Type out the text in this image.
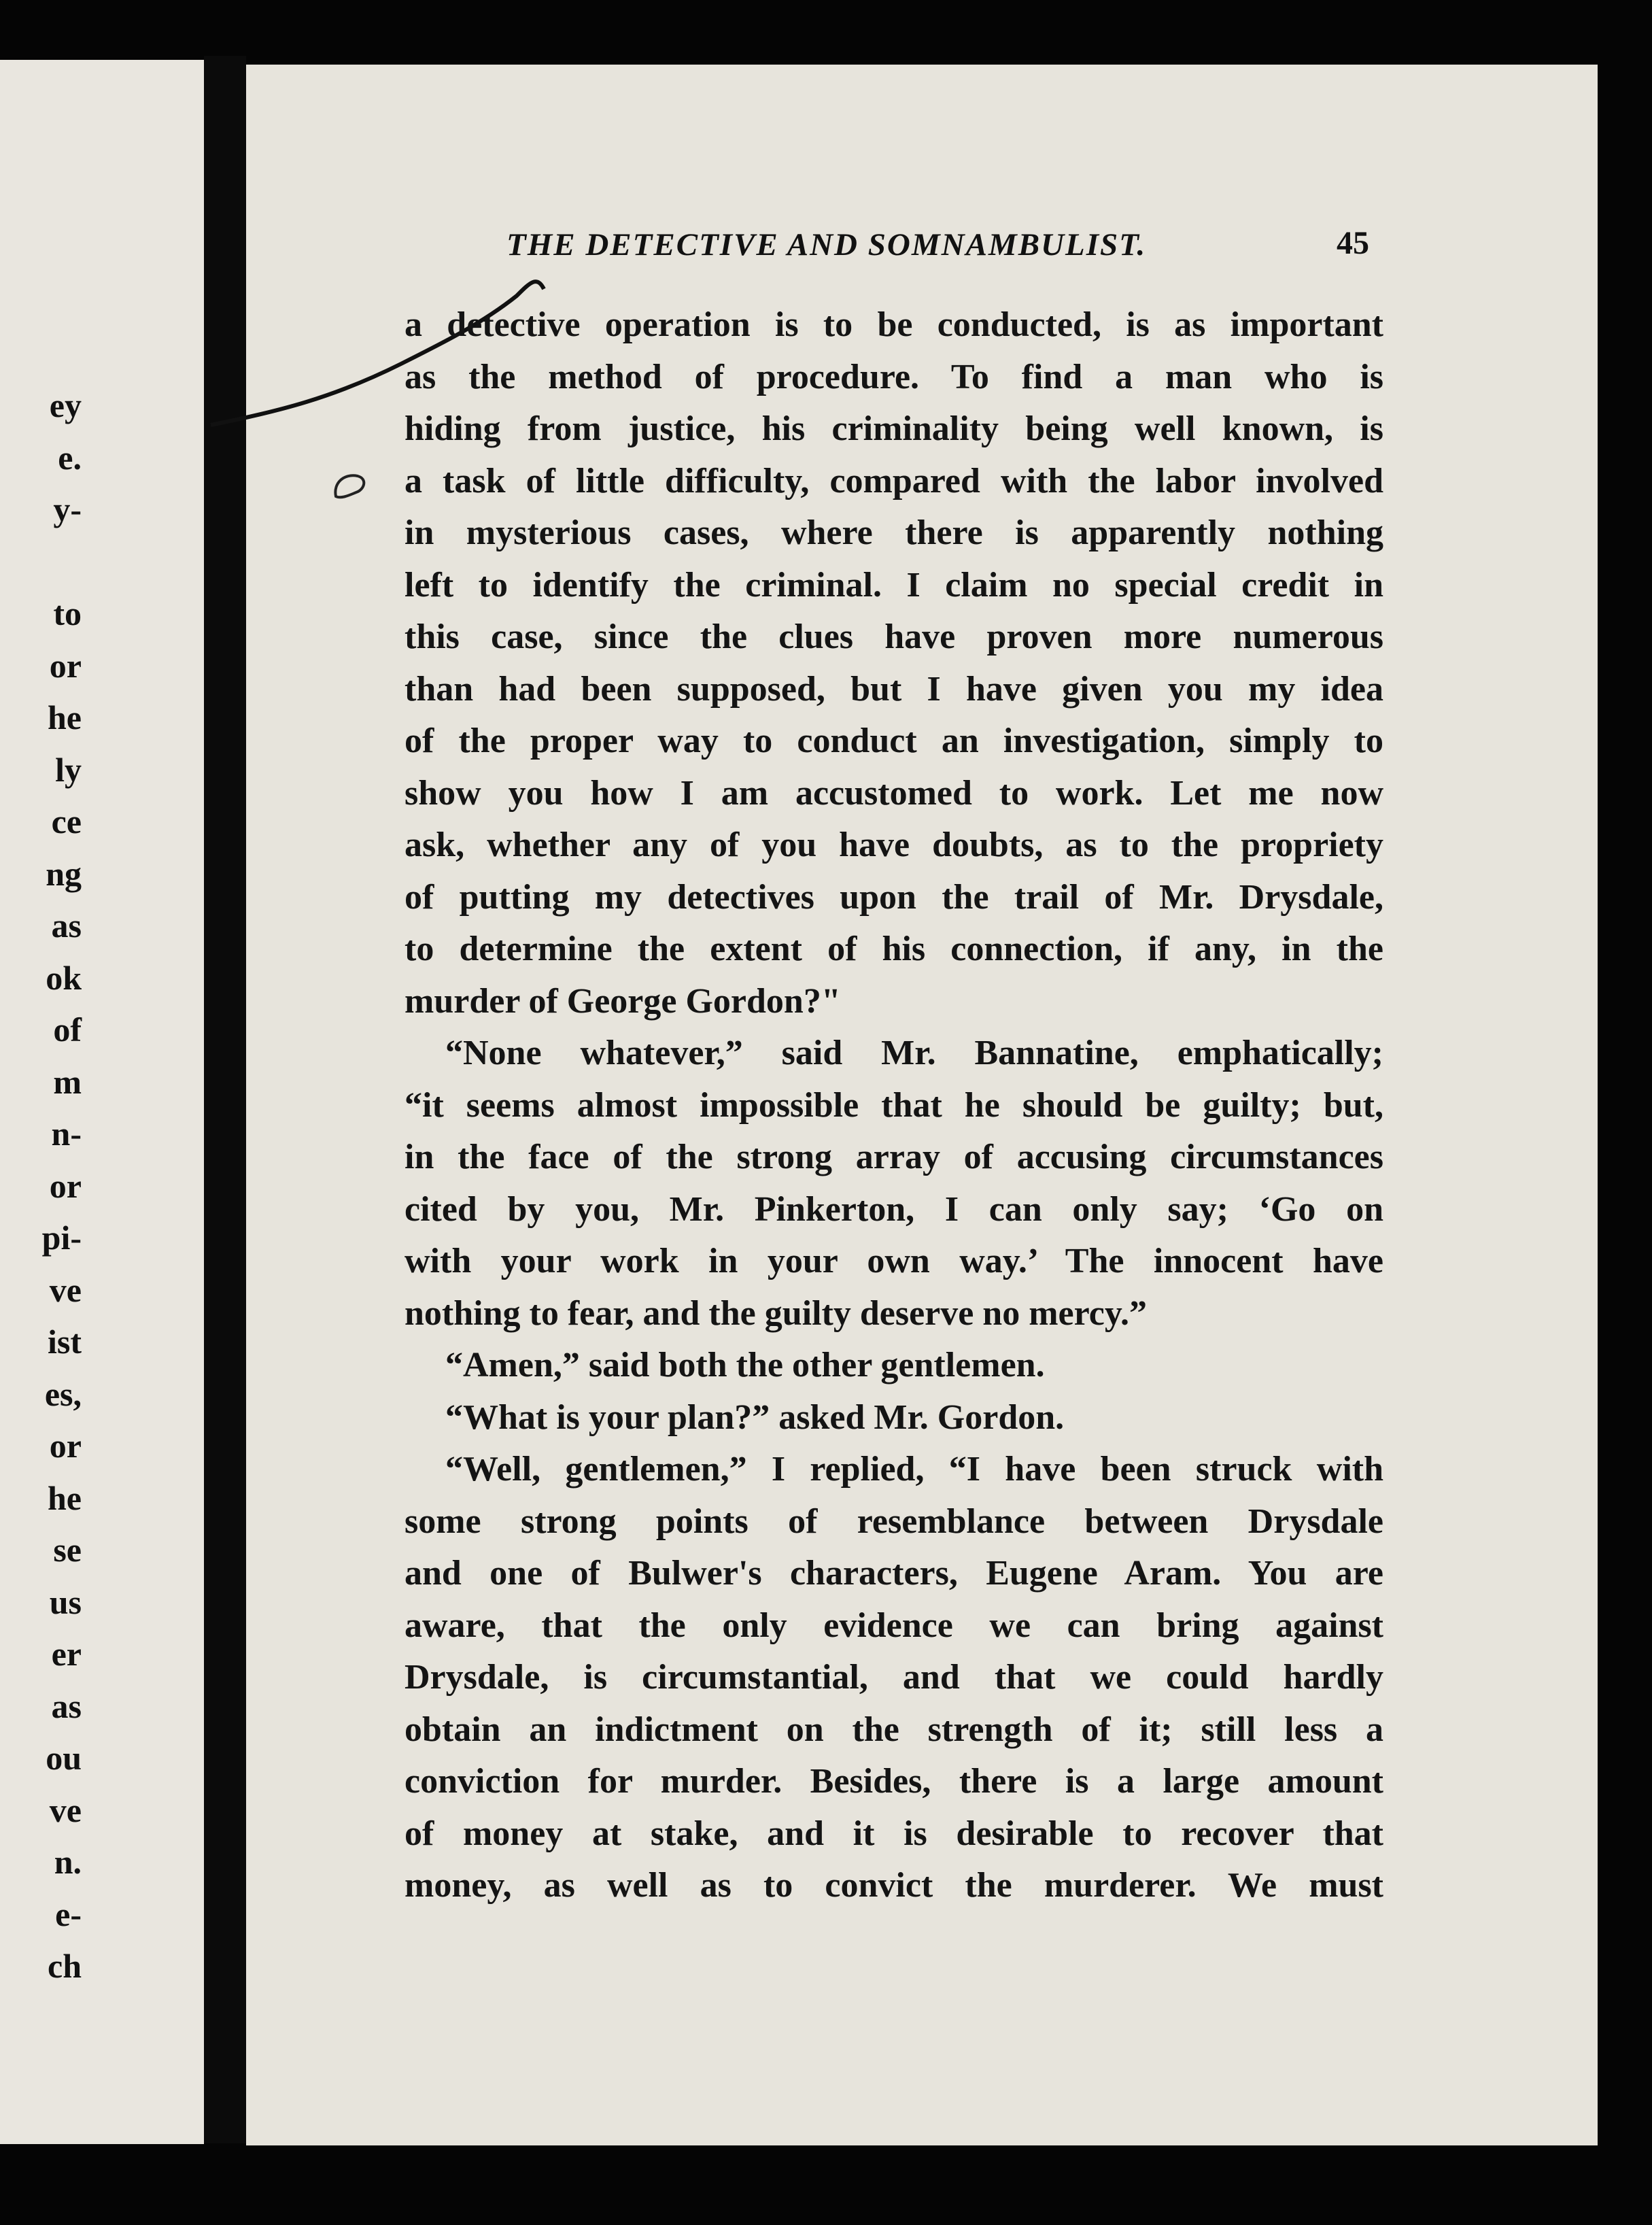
ey
e.
y-
to
or
he
ly
ce
ng
as
ok
of
m
n-
or
pi-
ve
ist
es,
or
he
se
us
er
as
ou
ve
n.
e-
ch
THE DETECTIVE AND SOMNAMBULIST.	45
a detective operation is to be conducted, is as important
as the method of procedure. To find a man who is
hiding from justice, his criminality being well known, is
a task of little difficulty, compared with the labor involved
in mysterious cases, where there is apparently nothing
left to identify the criminal. I claim no special credit in
this case, since the clues have proven more numerous
than had been supposed, but I have given you my idea
of the proper way to conduct an investigation, simply to
show you how I am accustomed to work. Let me now
ask, whether any of you have doubts, as to the propriety
of putting my detectives upon the trail of Mr. Drysdale,
to determine the extent of his connection, if any, in the
murder of George Gordon?"
“None whatever,” said Mr. Bannatine, emphatically;
“it seems almost impossible that he should be guilty; but,
in the face of the strong array of accusing circumstances
cited by you, Mr. Pinkerton, I can only say; ‘Go on
with your work in your own way.’ The innocent have
nothing to fear, and the guilty deserve no mercy.”
“Amen,” said both the other gentlemen.
“What is your plan?” asked Mr. Gordon.
“Well, gentlemen,” I replied, “I have been struck with
some strong points of resemblance between Drysdale
and one of Bulwer's characters, Eugene Aram. You are
aware, that the only evidence we can bring against
Drysdale, is circumstantial, and that we could hardly
obtain an indictment on the strength of it; still less a
conviction for murder. Besides, there is a large amount
of money at stake, and it is desirable to recover that
money, as well as to convict the murderer. We must
